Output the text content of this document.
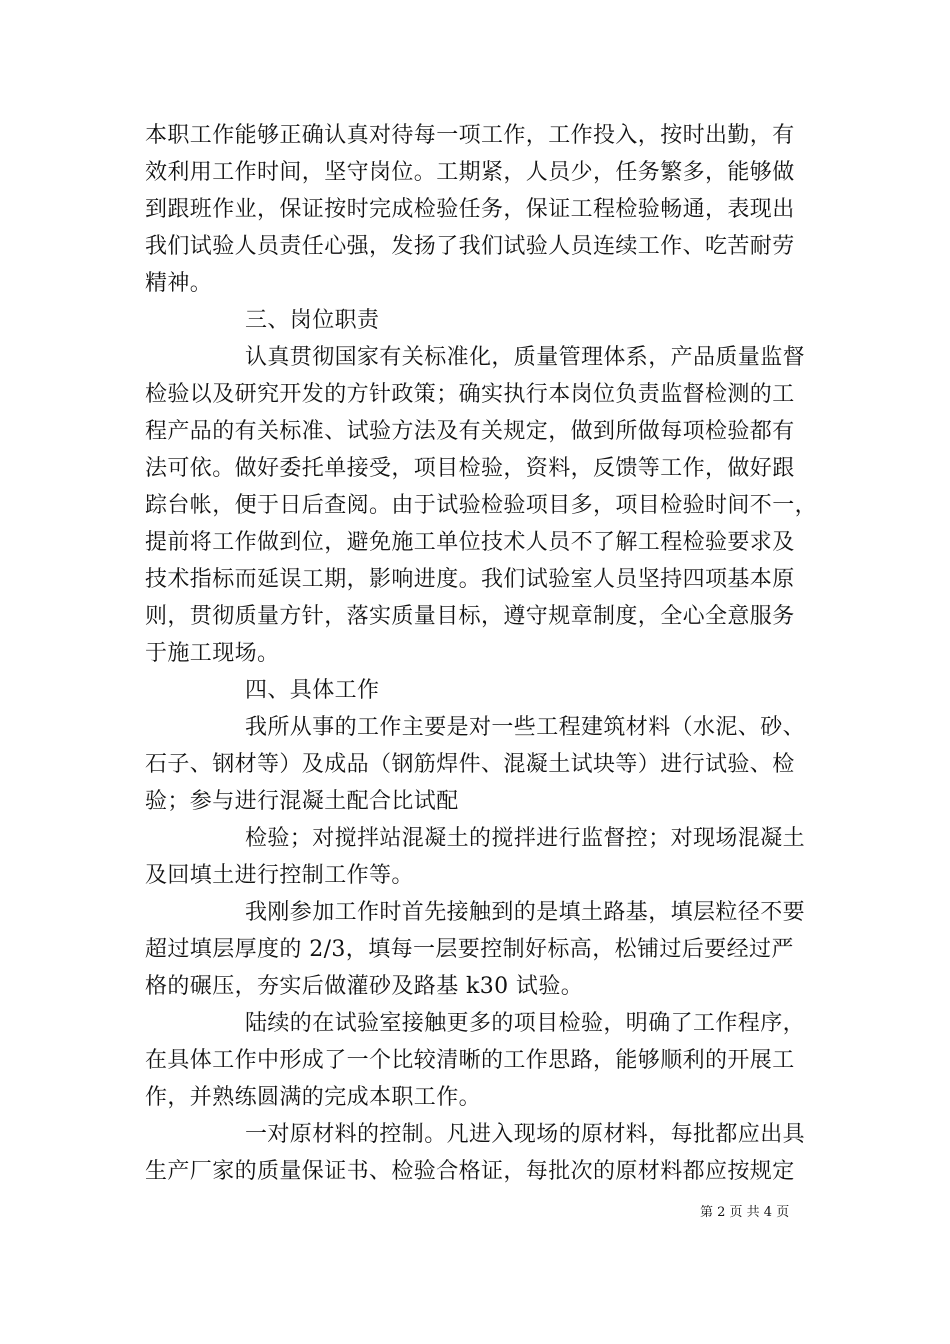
本职工作能够正确认真对待每一项工作，工作投入，按时出勤，有
效利用工作时间，坚守岗位。工期紧，人员少，任务繁多，能够做
到跟班作业，保证按时完成检验任务，保证工程检验畅通，表现出
我们试验人员责任心强，发扬了我们试验人员连续工作、吃苦耐劳
精神。
三、岗位职责
认真贯彻国家有关标准化，质量管理体系，产品质量监督
检验以及研究开发的方针政策；确实执行本岗位负责监督检测的工
程产品的有关标准、试验方法及有关规定，做到所做每项检验都有
法可依。做好委托单接受，项目检验，资料，反馈等工作，做好跟
踪台帐，便于日后查阅。由于试验检验项目多，项目检验时间不一，
提前将工作做到位，避免施工单位技术人员不了解工程检验要求及
技术指标而延误工期，影响进度。我们试验室人员坚持四项基本原
则，贯彻质量方针，落实质量目标，遵守规章制度，全心全意服务
于施工现场。
四、具体工作
我所从事的工作主要是对一些工程建筑材料（水泥、砂、
石子、钢材等）及成品（钢筋焊件、混凝土试块等）进行试验、检
验；参与进行混凝土配合比试配
检验；对搅拌站混凝土的搅拌进行监督控；对现场混凝土
及回填土进行控制工作等。
我刚参加工作时首先接触到的是填土路基，填层粒径不要
超过填层厚度的 2/3，填每一层要控制好标高，松铺过后要经过严
格的碾压，夯实后做灌砂及路基 k30 试验。
陆续的在试验室接触更多的项目检验，明确了工作程序，
在具体工作中形成了一个比较清晰的工作思路，能够顺利的开展工
作，并熟练圆满的完成本职工作。
一对原材料的控制。凡进入现场的原材料，每批都应出具
生产厂家的质量保证书、检验合格证，每批次的原材料都应按规定
第 2 页 共 4 页
